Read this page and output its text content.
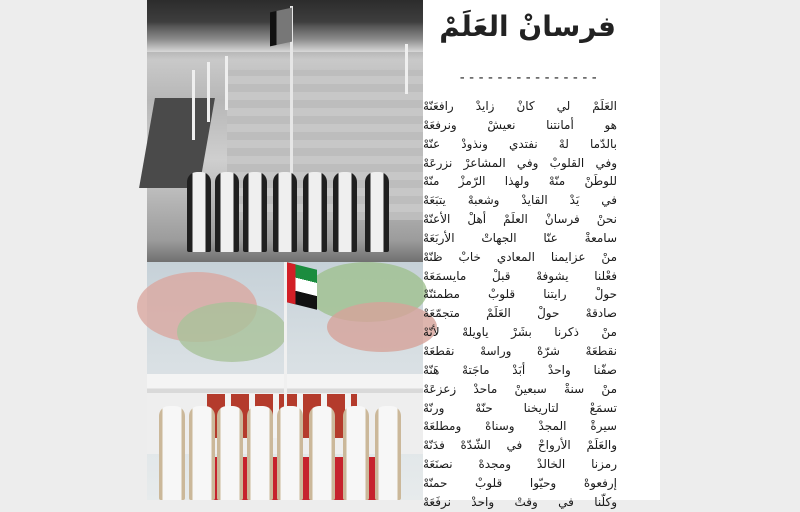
فرسانْ العَلَمْ
---------------
العَلَمْ لي كانْ زايدْ رافعَنّهْ
هو أمانتنا نعيشْ ونرفعَهْ
بالدّما لهْ نفتدي ونذودْ عنّهْ
وفي القلوبْ وفي المشاعرْ نزرعَهْ
للوطَنْ منّهْ ولهذا الرّمزْ منّهْ
في يَدْ القايدْ وشعبهْ يتبَعَهْ
نحنْ فرسانْ العلَمْ أهلْ الأعنّهْ
سامعةْ عنّا الجهاتْ الأربَعَهْ
منْ عزايمنا المعادي خابْ ظنّهْ
فعْلنا يشوفهْ قبلْ مايسمَعَهْ
حولْ رايتنا قلوبْ مطمئنّهْ
صادقهْ حولْ العَلَمْ متجمّعَهْ
منْ ذكرنا بشَرْ ياويلهْ لأنّهْ
نقطعَهْ شرّهْ وراسهْ نقطعَهْ
صفّنا واحدْ أبَدْ ماجَتهْ هَنّهْ
منْ سنةْ سبعينْ ماحدْ زعزعَهْ
تسمَعْ لتاريخنا حنّهْ ورنّهْ
سيرةْ المجدْ وسناهْ ومطلعَهْ
والعَلَمْ الأرواحْ في الشّدّهْ فدَنّهْ
رمزنا الخالدْ ومجدهْ نصنَعَهْ
إرفعوهْ وحيّوا قلوبْ حمنّهْ
وكلّنا في وقتْ واحدْ نرفَعَهْ
